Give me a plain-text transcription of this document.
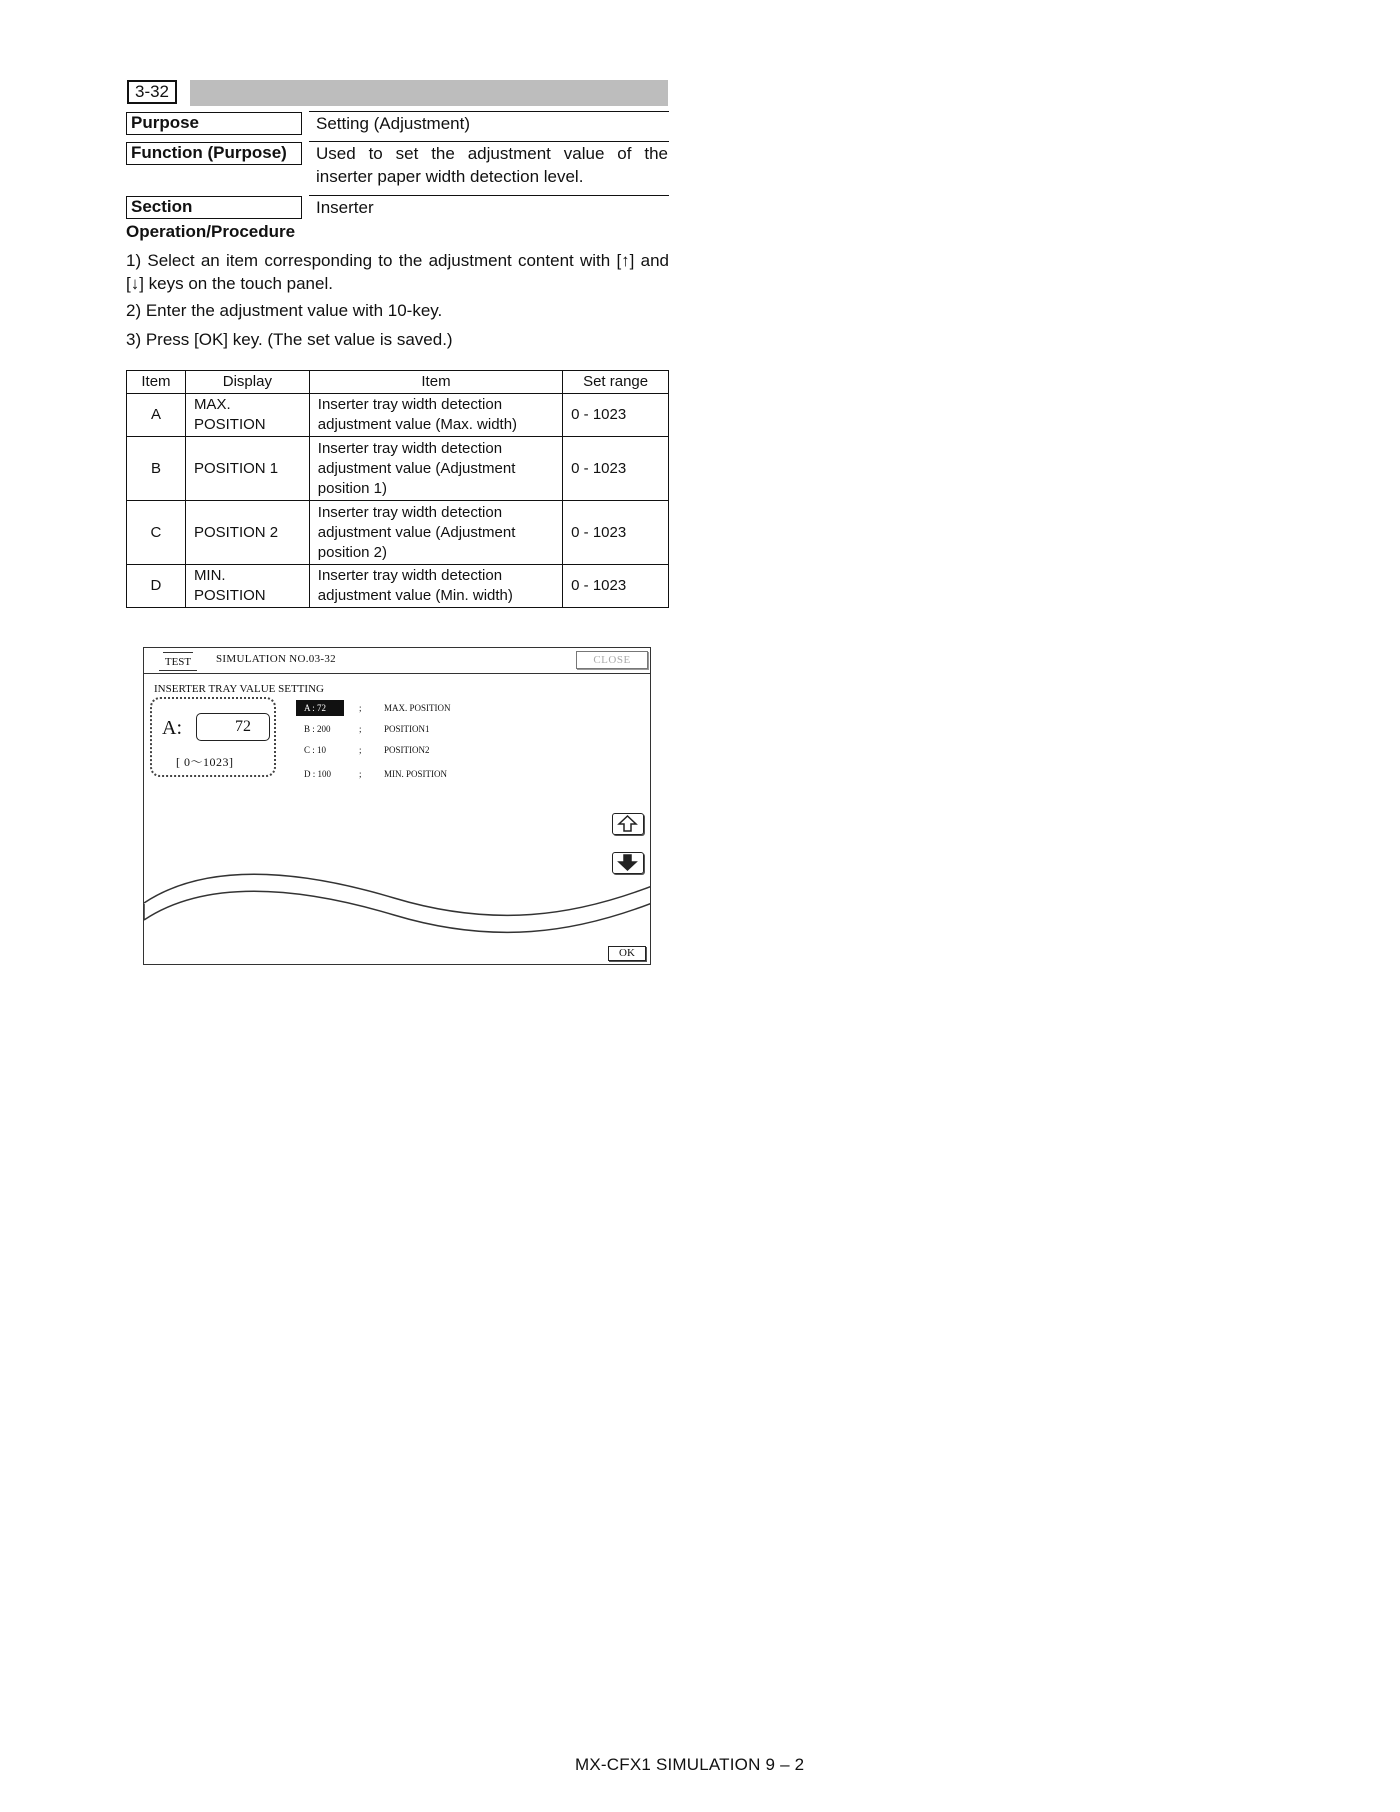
3-32
Purpose	Setting (Adjustment)
Function (Purpose)	Used to set the adjustment value of the inserter paper width detection level.
Section	Inserter
Operation/Procedure
1) Select an item corresponding to the adjustment content with [↑] and [↓] keys on the touch panel.
2) Enter the adjustment value with 10-key.
3) Press [OK] key. (The set value is saved.)
Item	Display	Item	Set range
A	MAX. POSITION	Inserter tray width detection adjustment value (Max. width)	0 - 1023
B	POSITION 1	Inserter tray width detection adjustment value (Adjustment position 1)	0 - 1023
C	POSITION 2	Inserter tray width detection adjustment value (Adjustment position 2)	0 - 1023
D	MIN. POSITION	Inserter tray width detection adjustment value (Min. width)	0 - 1023
TEST	SIMULATION NO.03-32	CLOSE
INSERTER TRAY VALUE SETTING
A:	72
[ 0～1023]
A : 72	; MAX. POSITION
B : 200	; POSITION1
C : 10	; POSITION2
D : 100	; MIN. POSITION
OK
MX-CFX1 SIMULATION 9 – 2
